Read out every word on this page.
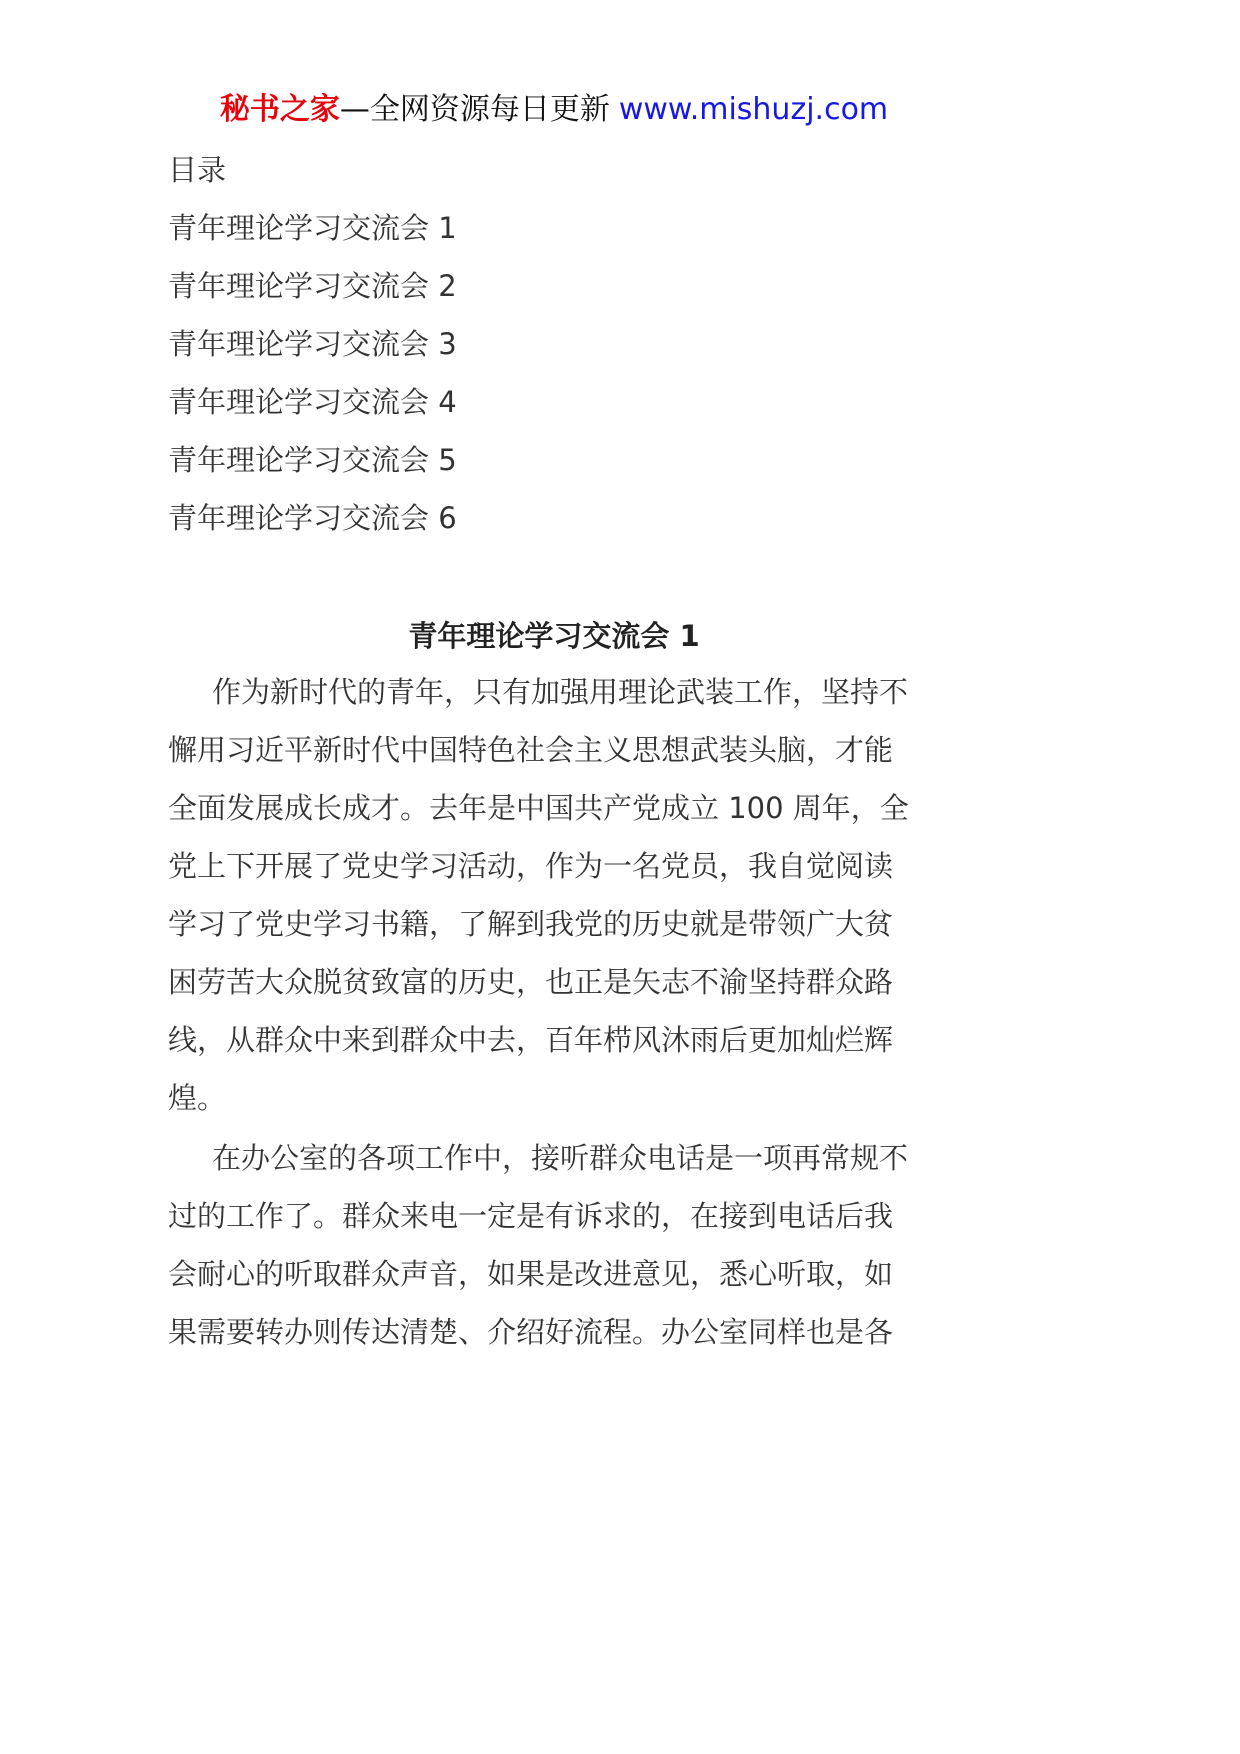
秘书之家—全网资源每日更新 www.mishuzj.com
目录
青年理论学习交流会 1
青年理论学习交流会 2
青年理论学习交流会 3
青年理论学习交流会 4
青年理论学习交流会 5
青年理论学习交流会 6
青年理论学习交流会 1
作为新时代的青年，只有加强用理论武装工作，坚持不
懈用习近平新时代中国特色社会主义思想武装头脑，才能
全面发展成长成才。去年是中国共产党成立 100 周年，全
党上下开展了党史学习活动，作为一名党员，我自觉阅读
学习了党史学习书籍，了解到我党的历史就是带领广大贫
困劳苦大众脱贫致富的历史，也正是矢志不渝坚持群众路
线，从群众中来到群众中去，百年栉风沐雨后更加灿烂辉
煌。
在办公室的各项工作中，接听群众电话是一项再常规不
过的工作了。群众来电一定是有诉求的，在接到电话后我
会耐心的听取群众声音，如果是改进意见，悉心听取，如
果需要转办则传达清楚、介绍好流程。办公室同样也是各
